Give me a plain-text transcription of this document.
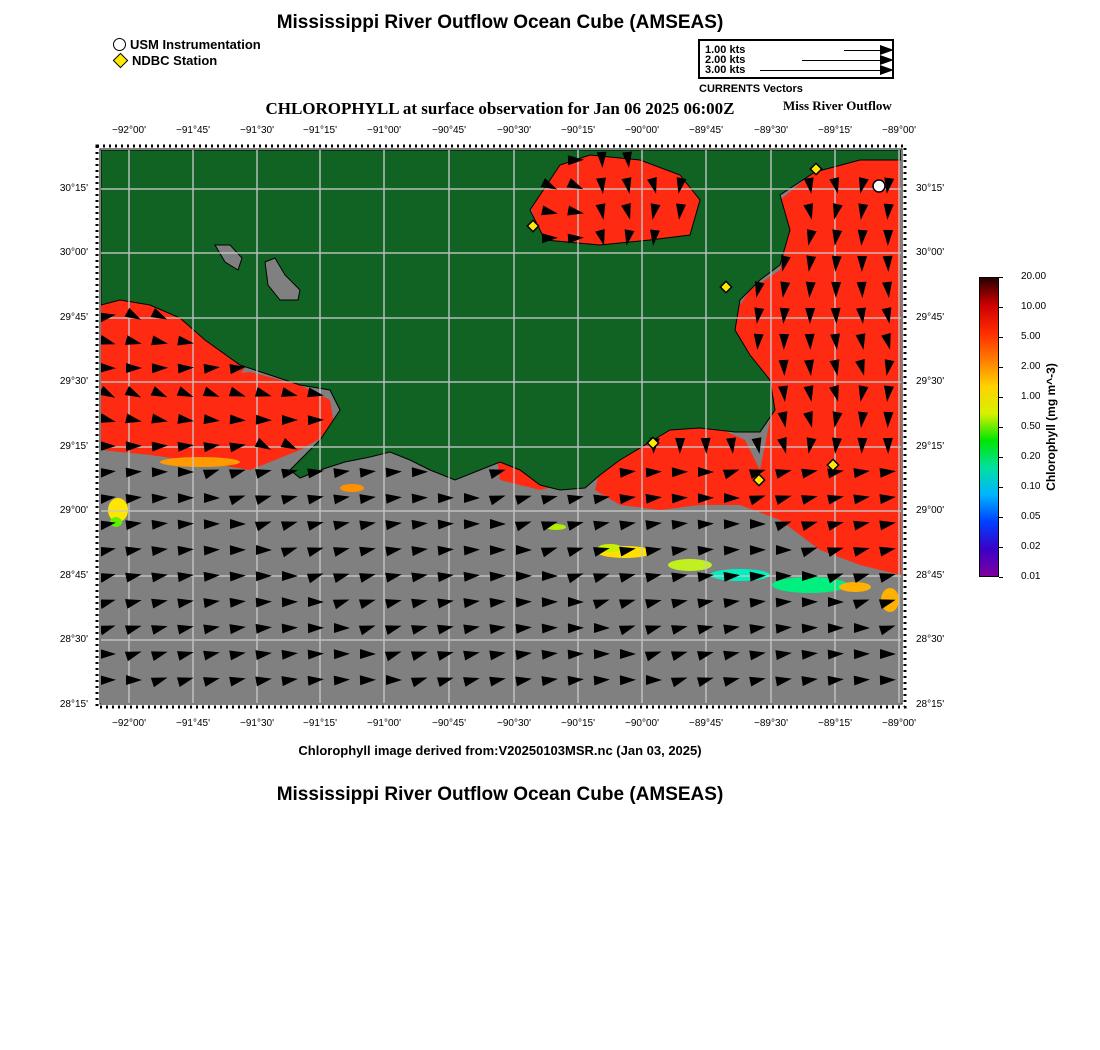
Mississippi River Outflow Ocean Cube (AMSEAS)
USM Instrumentation
NDBC Station
1.00 kts
2.00 kts
3.00 kts
CURRENTS Vectors
CHLOROPHYLL at surface observation for Jan 06 2025 06:00Z	Miss River Outflow
−92°00'	−91°45'	−91°30'	−91°15'	−91°00'	−90°45'	−90°30'	−90°15'	−90°00'	−89°45'	−89°30'	−89°15'	−89°00'
−92°00'	−91°45'	−91°30'	−91°15'	−91°00'	−90°45'	−90°30'	−90°15'	−90°00'	−89°45'	−89°30'	−89°15'	−89°00'
30°15'
30°00'
29°45'
29°30'
29°15'
29°00'
28°45'
28°30'
28°15'
30°15'
30°00'
29°45'
29°30'
29°15'
29°00'
28°45'
28°30'
28°15'
20.00
10.00
5.00
2.00
1.00
0.50
0.20
0.10
0.05
0.02
0.01
Chlorophyll (mg m^-3)
Chlorophyll image derived from:V20250103MSR.nc (Jan 03, 2025)
Mississippi River Outflow Ocean Cube (AMSEAS)
